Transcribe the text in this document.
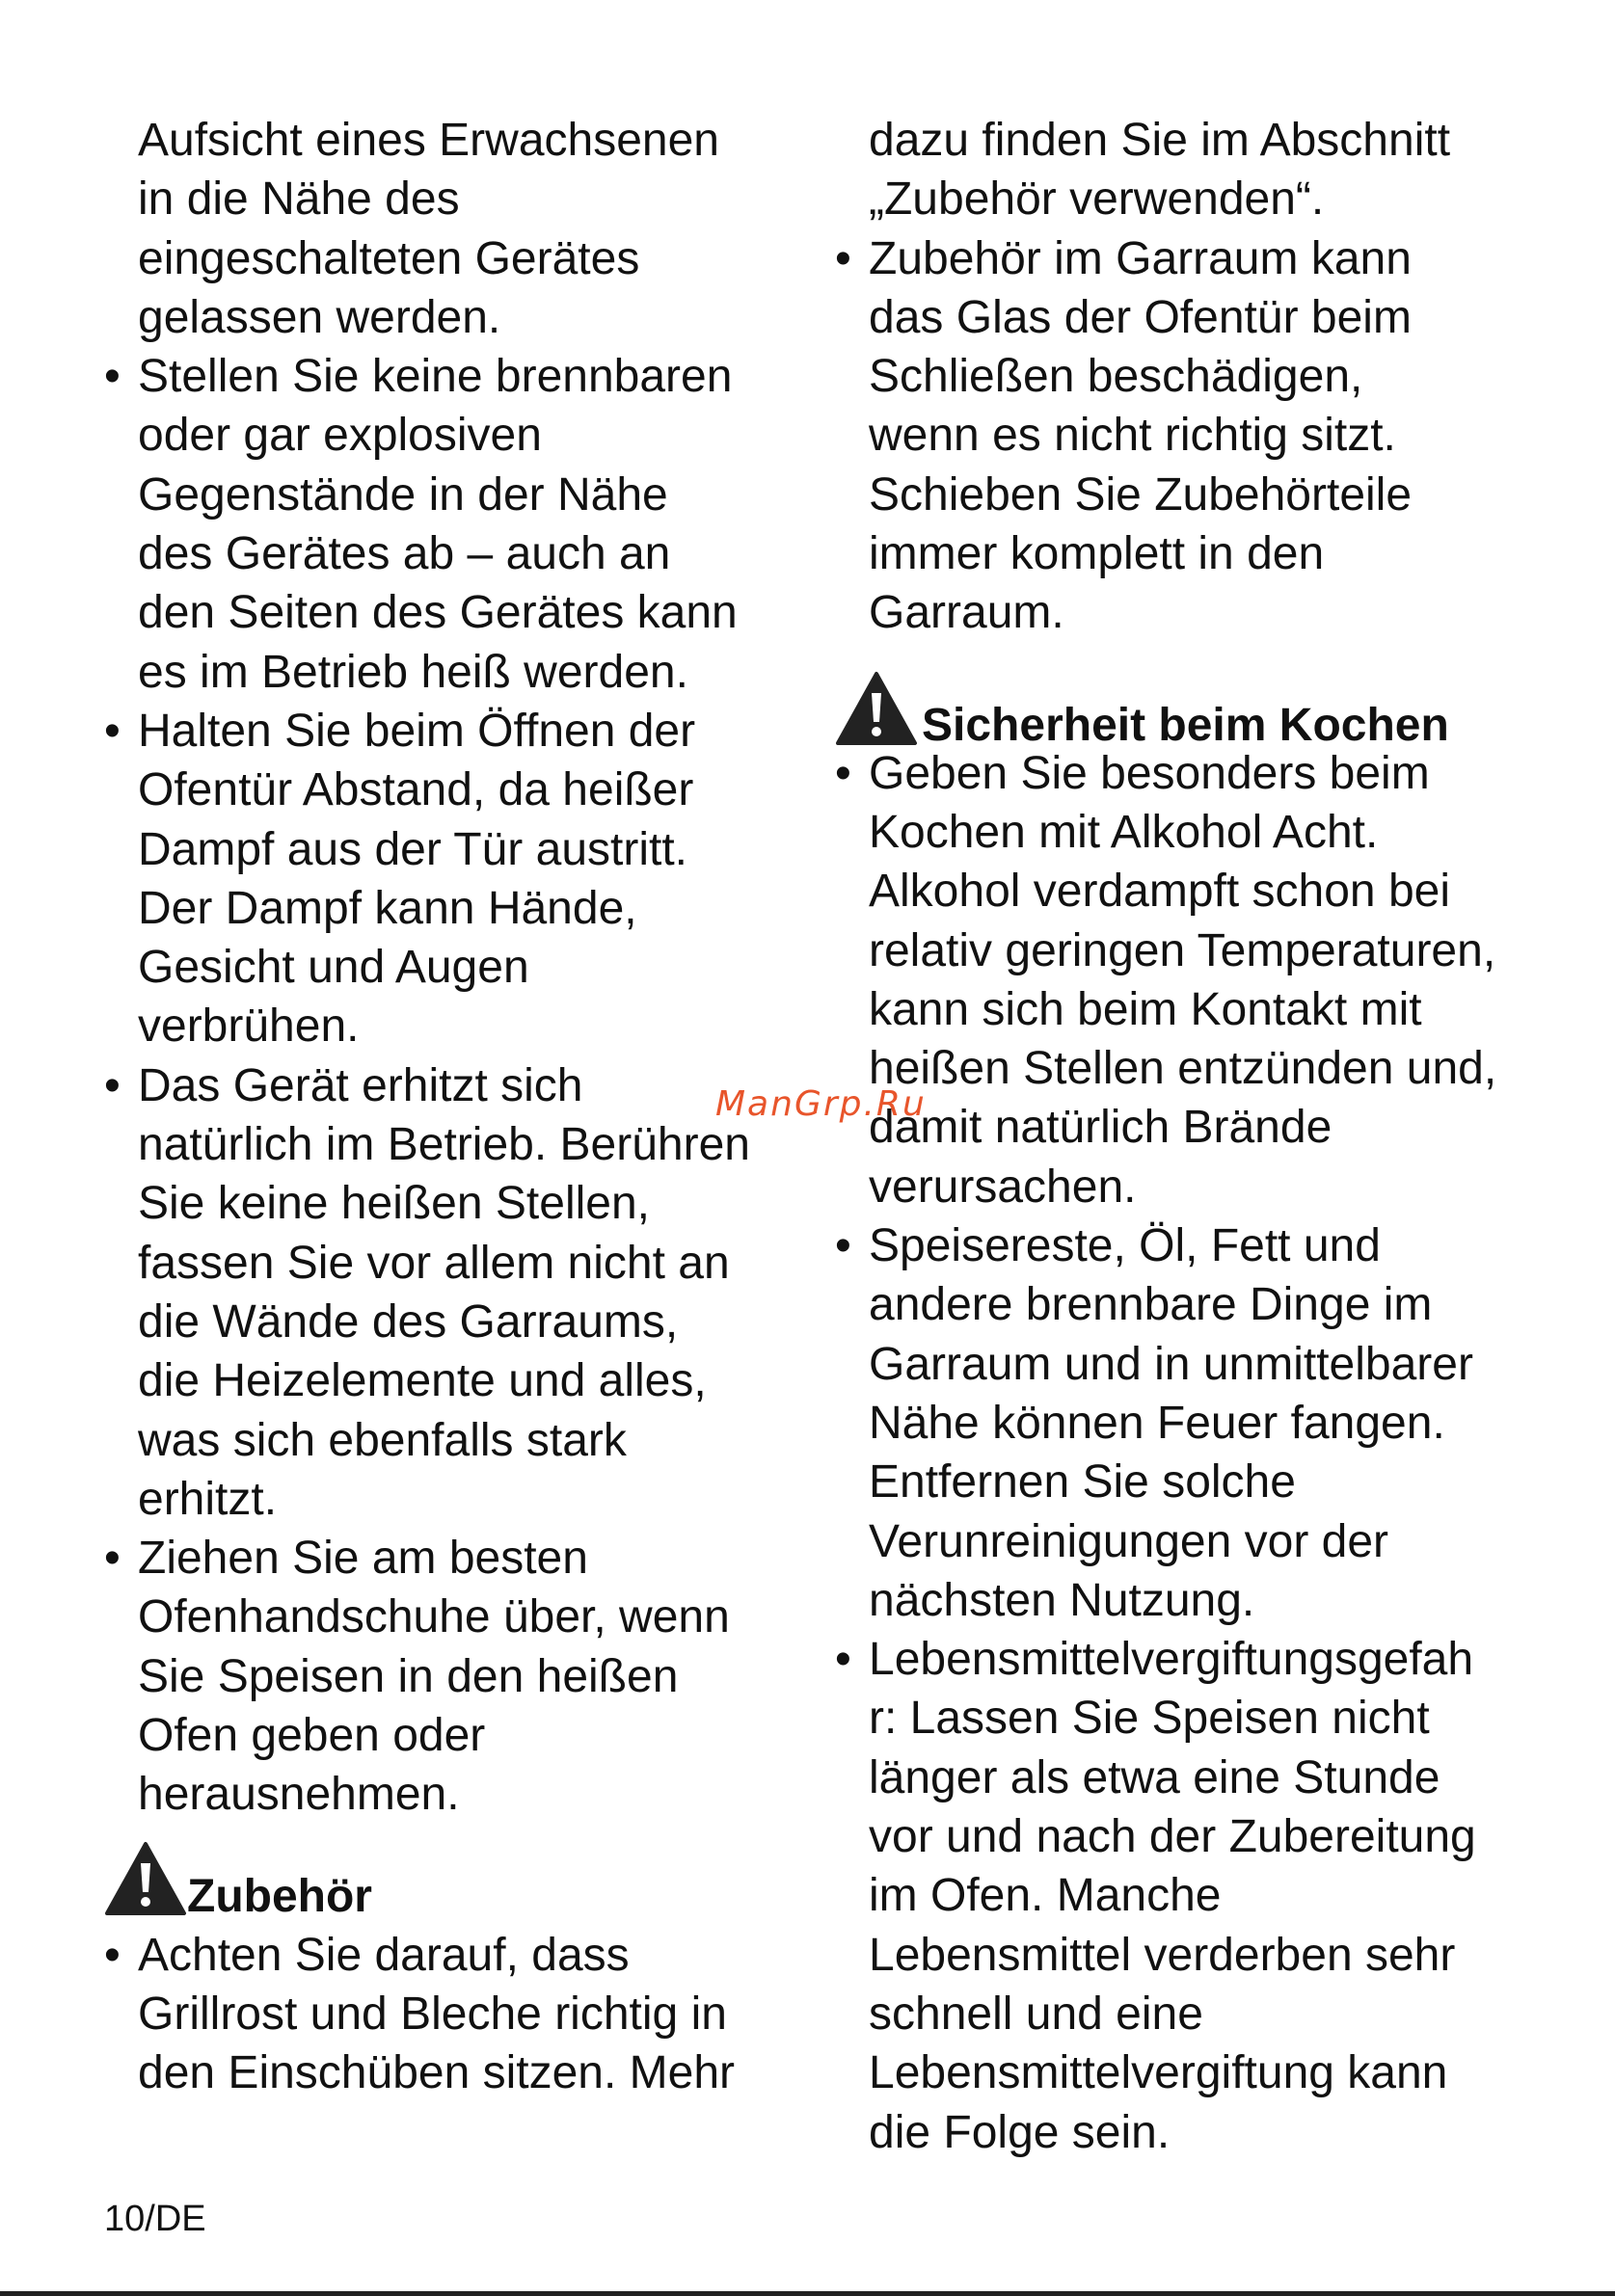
Aufsicht eines Erwachsenen
in die Nähe des
eingeschalteten Gerätes
gelassen werden.
• Stellen Sie keine brennbaren
oder gar explosiven
Gegenstände in der Nähe
des Gerätes ab – auch an
den Seiten des Gerätes kann
es im Betrieb heiß werden.
• Halten Sie beim Öffnen der
Ofentür Abstand, da heißer
Dampf aus der Tür austritt.
Der Dampf kann Hände,
Gesicht und Augen
verbrühen.
• Das Gerät erhitzt sich
natürlich im Betrieb. Berühren
Sie keine heißen Stellen,
fassen Sie vor allem nicht an
die Wände des Garraums,
die Heizelemente und alles,
was sich ebenfalls stark
erhitzt.
• Ziehen Sie am besten
Ofenhandschuhe über, wenn
Sie Speisen in den heißen
Ofen geben oder
herausnehmen.
Zubehör
• Achten Sie darauf, dass
Grillrost und Bleche richtig in
den Einschüben sitzen. Mehr
dazu finden Sie im Abschnitt
„Zubehör verwenden“.
• Zubehör im Garraum kann
das Glas der Ofentür beim
Schließen beschädigen,
wenn es nicht richtig sitzt.
Schieben Sie Zubehörteile
immer komplett in den
Garraum.
Sicherheit beim Kochen
• Geben Sie besonders beim
Kochen mit Alkohol Acht.
Alkohol verdampft schon bei
relativ geringen Temperaturen,
kann sich beim Kontakt mit
heißen Stellen entzünden und,
damit natürlich Brände
verursachen.
• Speisereste, Öl, Fett und
andere brennbare Dinge im
Garraum und in unmittelbarer
Nähe können Feuer fangen.
Entfernen Sie solche
Verunreinigungen vor der
nächsten Nutzung.
• Lebensmittelvergiftungsgefah
r: Lassen Sie Speisen nicht
länger als etwa eine Stunde
vor und nach der Zubereitung
im Ofen. Manche
Lebensmittel verderben sehr
schnell und eine
Lebensmittelvergiftung kann
die Folge sein.
ManGrp.Ru
10/DE
